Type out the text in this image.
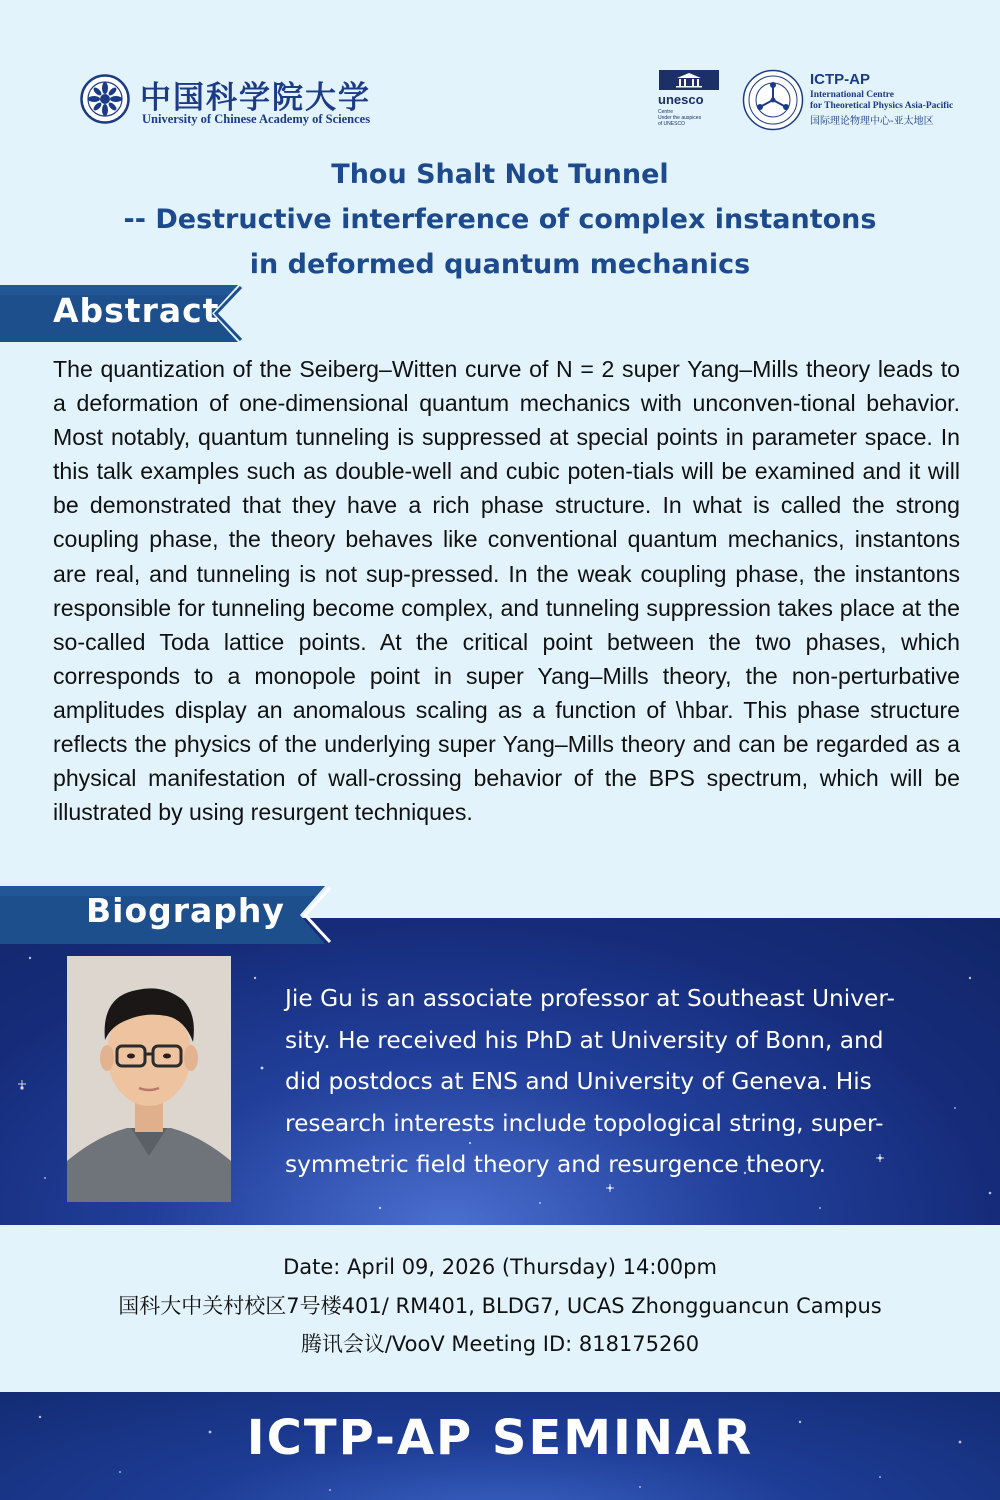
中国科学院大学
University of Chinese Academy of Sciences
unesco
Centre
Under the auspices
of UNESCO
ICTP-AP
International Centre
for Theoretical Physics Asia-Pacific
国际理论物理中心-亚太地区
Thou Shalt Not Tunnel
-- Destructive interference of complex instantons
in deformed quantum mechanics
Abstract
The quantization of the Seiberg–Witten curve of N = 2 super Yang–Mills theory leads to a deformation of one-dimensional quantum mechanics with unconven-tional behavior. Most notably, quantum tunneling is suppressed at special points in parameter space. In this talk examples such as double-well and cubic poten-tials will be examined and it will be demonstrated that they have a rich phase structure. In what is called the strong coupling phase, the theory behaves like conventional quantum mechanics, instantons are real, and tunneling is not sup-pressed. In the weak coupling phase, the instantons responsible for tunneling become complex, and tunneling suppression takes place at the so-called Toda lattice points. At the critical point between the two phases, which corresponds to a monopole point in super Yang–Mills theory, the non-perturbative amplitudes display an anomalous scaling as a function of \hbar. This phase structure reflects the physics of the underlying super Yang–Mills theory and can be regarded as a physical manifestation of wall-crossing behavior of the BPS spectrum, which will be illustrated by using resurgent techniques.
Biography
Jie Gu is an associate professor at Southeast Univer-
sity. He received his PhD at University of Bonn, and
did postdocs at ENS and University of Geneva. His
research interests include topological string, super-
symmetric field theory and resurgence theory.
Date: April 09, 2026 (Thursday) 14:00pm
国科大中关村校区7号楼401/ RM401, BLDG7, UCAS Zhongguancun Campus
腾讯会议/VooV Meeting ID: 818175260
ICTP-AP SEMINAR
